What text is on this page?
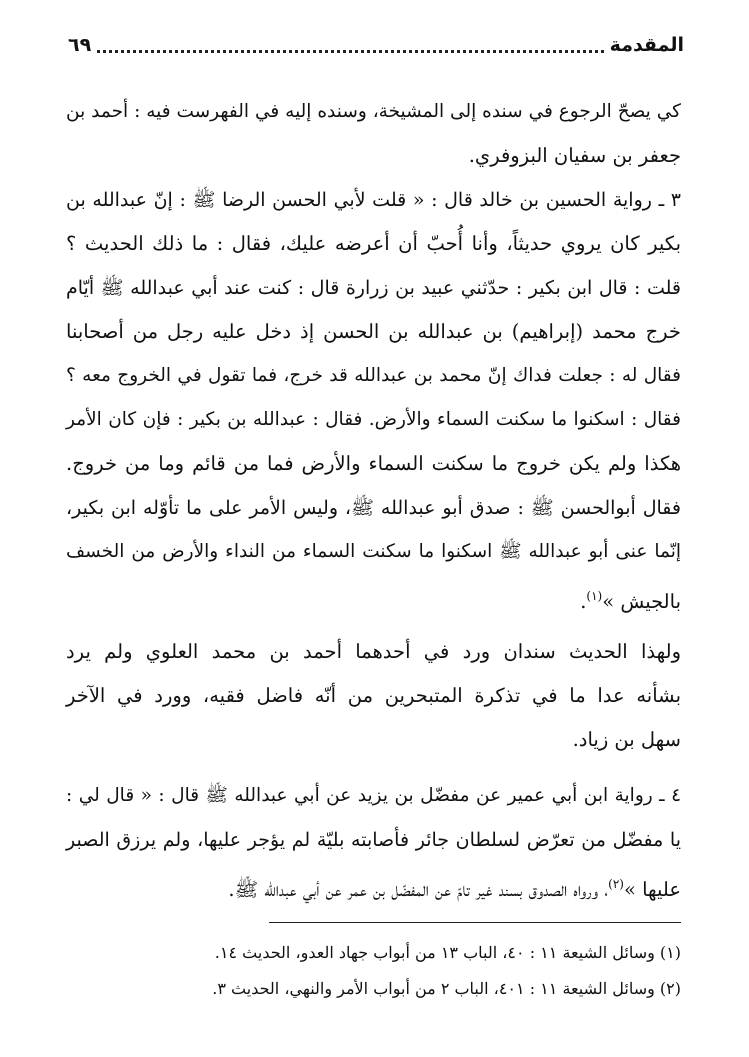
المقدمة
٦٩
كي يصحّ الرجوع في سنده إلى المشيخة، وسنده إليه في الفهرست فيه : أحمد بن
جعفر بن سفيان البزوفري.
٣ ـ رواية الحسين بن خالد قال : « قلت لأبي الحسن الرضا ﷺ : إنّ عبدالله بن
بكير كان يروي حديثاً، وأنا أُحبّ أن أعرضه عليك، فقال : ما ذلك الحديث ؟
قلت : قال ابن بكير : حدّثني عبيد بن زرارة قال : كنت عند أبي عبدالله ﷺ أيّام
خرج محمد (إبراهيم) بن عبدالله بن الحسن إذ دخل عليه رجل من أصحابنا
فقال له : جعلت فداك إنّ محمد بن عبدالله قد خرج، فما تقول في الخروج معه ؟
فقال : اسكنوا ما سكنت السماء والأرض. فقال : عبدالله بن بكير : فإن كان الأمر
هكذا ولم يكن خروج ما سكنت السماء والأرض فما من قائم وما من خروج.
فقال أبوالحسن ﷺ : صدق أبو عبدالله ﷺ، وليس الأمر على ما تأوّله ابن بكير،
إنّما عنى أبو عبدالله ﷺ اسكنوا ما سكنت السماء من النداء والأرض من الخسف
بالجيش »$^{(١)}$.
ولهذا الحديث سندان ورد في أحدهما أحمد بن محمد العلوي ولم يرد
بشأنه عدا ما في تذكرة المتبحرين من أنّه فاضل فقيه، وورد في الآخر
سهل بن زياد.
٤ ـ رواية ابن أبي عمير عن مفضّل بن يزيد عن أبي عبدالله ﷺ قال : « قال لي :
يا مفضّل من تعرّض لسلطان جائر فأصابته بليّة لم يؤجر عليها، ولم يرزق الصبر
عليها »$^{(٢)}$، ورواه الصدوق بسند غير تامّ عن المفضّل بن عمر عن أبي عبدالله ﷺ.
(١) وسائل الشيعة ١١ : ٤٠، الباب ١٣ من أبواب جهاد العدو، الحديث ١٤.
(٢) وسائل الشيعة ١١ : ٤٠١، الباب ٢ من أبواب الأمر والنهي، الحديث ٣.
